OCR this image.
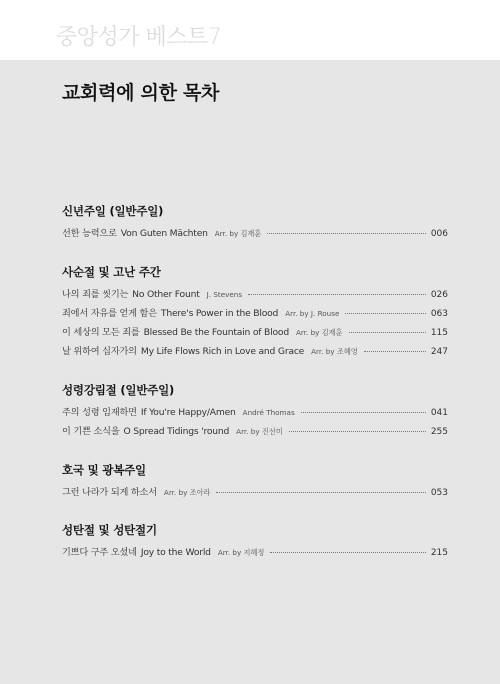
중앙성가 베스트7
교회력에 의한 목차
신년주일 (일반주일)
선한 능력으로 Von Guten Mächten Arr. by 김재훈	006
사순절 및 고난 주간
나의 죄를 씻기는 No Other Fount J. Stevens	026
죄에서 자유를 얻게 함은 There's Power in the Blood Arr. by J. Rouse	063
이 세상의 모든 죄를 Blessed Be the Fountain of Blood Arr. by 김재훈	115
날 위하여 십자가의 My Life Flows Rich in Love and Grace Arr. by 조혜영	247
성령강림절 (일반주일)
주의 성령 임재하면 If You're Happy/Amen André Thomas	041
이 기쁜 소식을 O Spread Tidings 'round Arr. by 진선미	255
호국 및 광복주일
그런 나라가 되게 하소서 Arr. by 조아라	053
성탄절 및 성탄절기
기쁘다 구주 오셨네 Joy to the World Arr. by 지혜정	215
